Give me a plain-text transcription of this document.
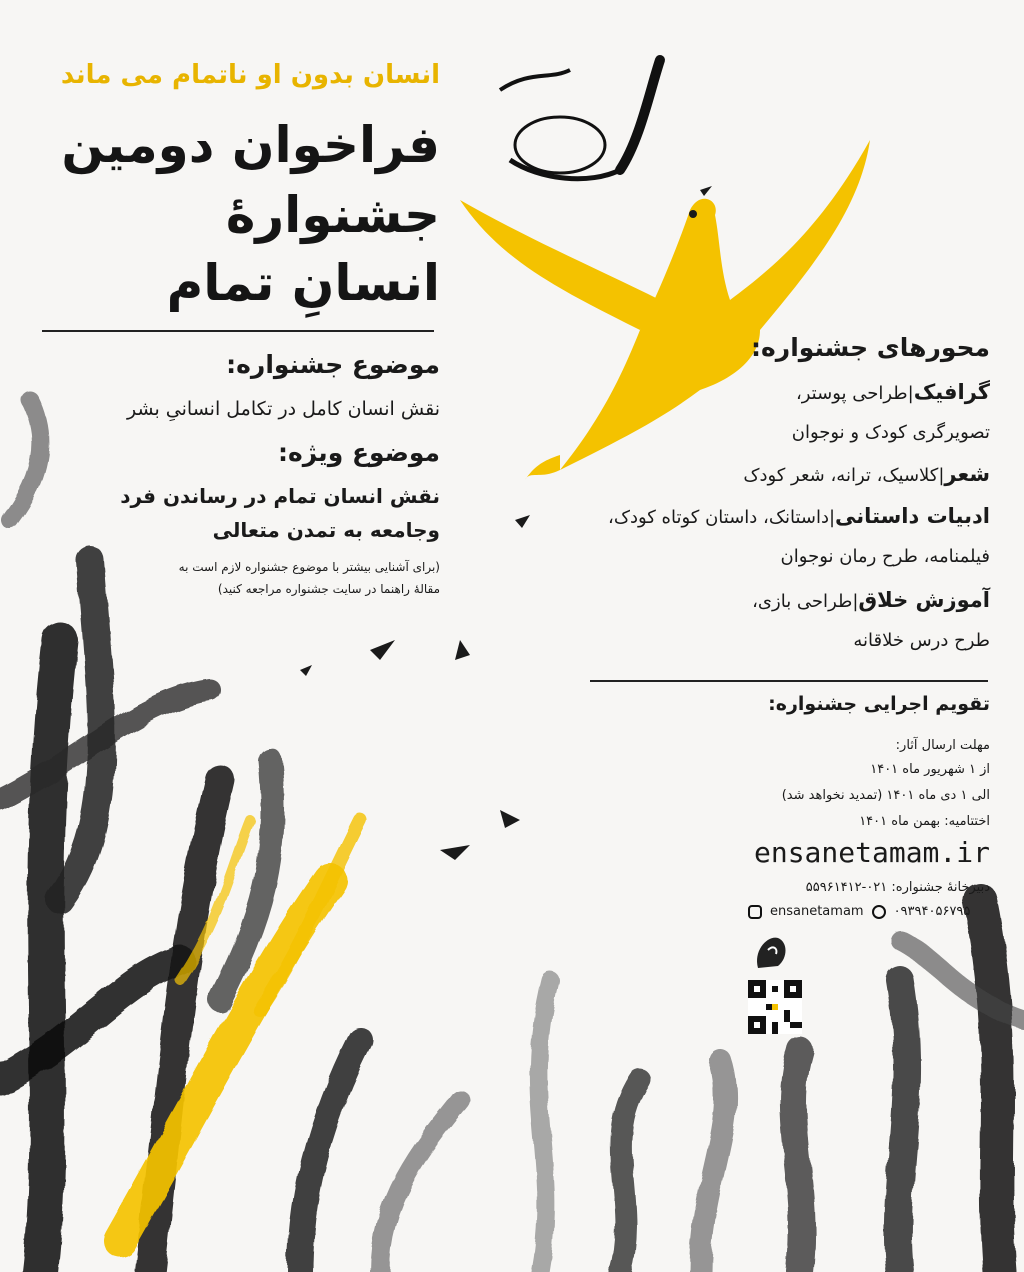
انسان بدون او ناتمام می ماند
فراخوان دومین
جشنوارۀ
انسانِ تمام
موضوع جشنواره:
نقش انسان کامل در تکامل انسانیِ بشر
موضوع ویژه:
نقش انسان تمام در رساندن فرد
وجامعه به تمدن متعالی
(برای آشنایی بیشتر با موضوع جشنواره لازم است به
مقالۀ راهنما در سایت جشنواره مراجعه کنید)
محورهای جشنواره:
گرافیک|طراحی پوستر،
تصویرگری کودک و نوجوان
شعر|کلاسیک، ترانه، شعر کودک
ادبیات داستانی|داستانک، داستان کوتاه کودک،
فیلمنامه، طرح رمان نوجوان
آموزش خلاق|طراحی بازی،
طرح درس خلاقانه
تقویم اجرایی جشنواره:
مهلت ارسال آثار:
از ۱ شهریور ماه ۱۴۰۱
الی ۱ دی ماه ۱۴۰۱ (تمدید نخواهد شد)
اختتامیه: بهمن ماه ۱۴۰۱
ensanetamam.ir
دبیرخانۀ جشنواره: ۰۲۱-۵۵۹۶۱۴۱۲
ensanetamam ۰۹۳۹۴۰۵۶۷۹۵
